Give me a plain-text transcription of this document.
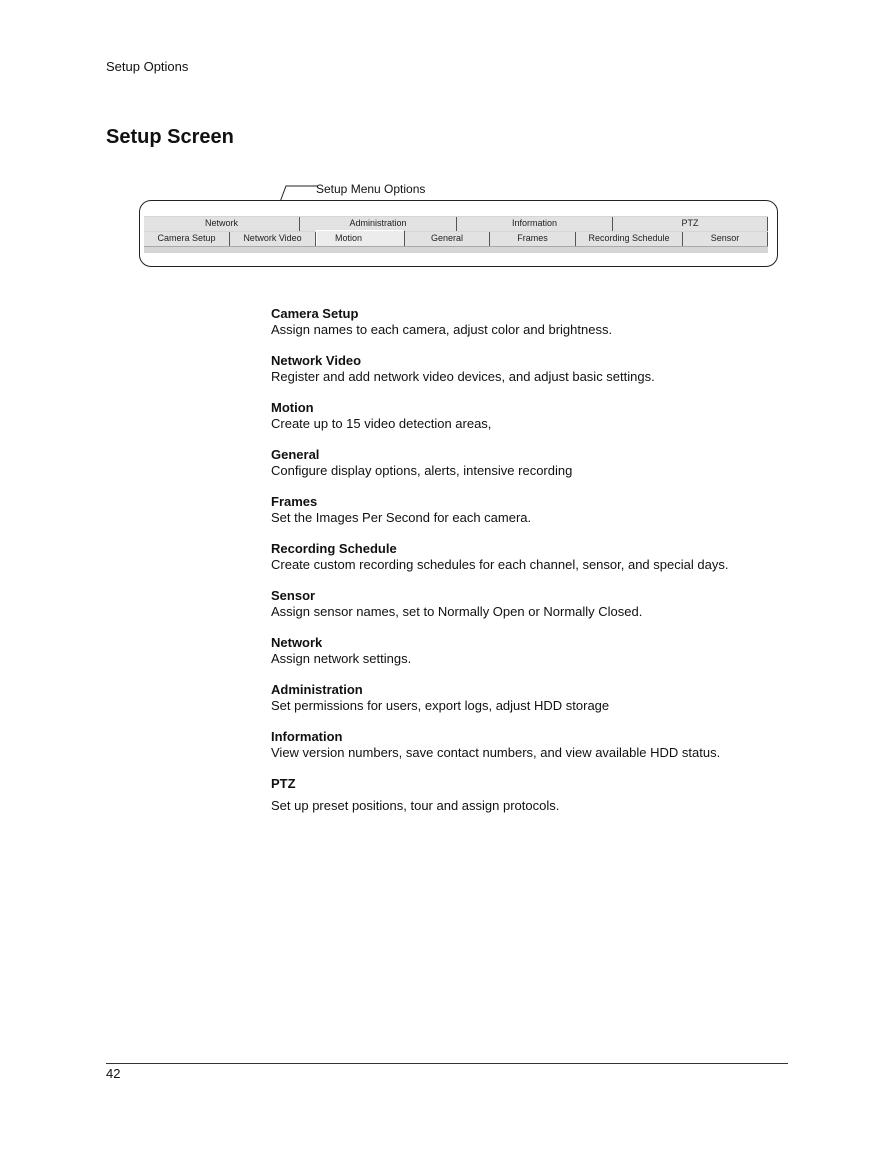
Setup Options
Setup Screen
Setup Menu Options
Network	Administration	Information	PTZ
Camera Setup	Network Video	Motion	General	Frames	Recording Schedule	Sensor
Camera Setup
Assign names to each camera, adjust color and brightness.
Network Video
Register and add network video devices, and adjust basic settings.
Motion
Create up to 15 video detection areas,
General
Configure display options, alerts, intensive recording
Frames
Set the Images Per Second for each camera.
Recording Schedule
Create custom recording schedules for each channel, sensor, and special days.
Sensor
Assign sensor names, set to Normally Open or Normally Closed.
Network
Assign network settings.
Administration
Set permissions for users, export logs, adjust HDD storage
Information
View version numbers, save contact numbers, and view available HDD status.
PTZ
Set up preset positions, tour and assign protocols.
42
